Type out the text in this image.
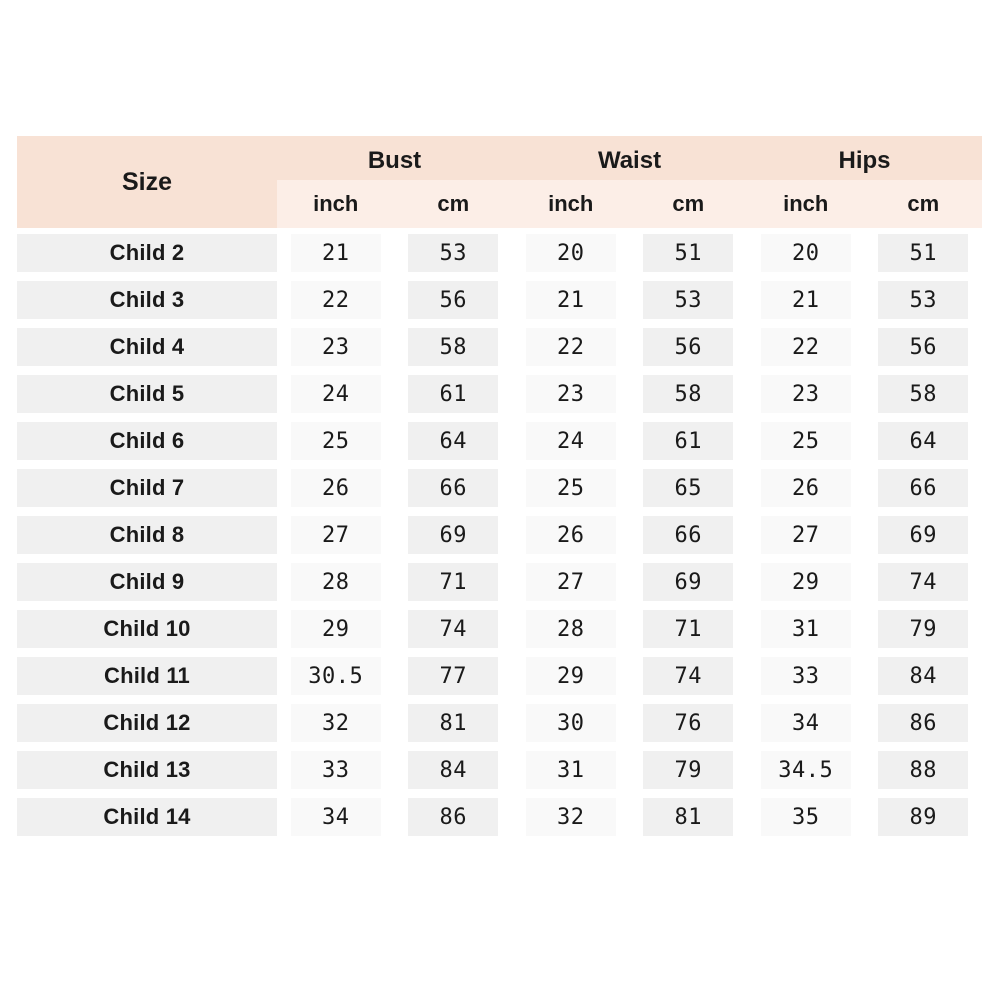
Size
Bust	Waist	Hips
inch	cm	inch	cm	inch	cm
Child 2	21	53	20	51	20	51
Child 3	22	56	21	53	21	53
Child 4	23	58	22	56	22	56
Child 5	24	61	23	58	23	58
Child 6	25	64	24	61	25	64
Child 7	26	66	25	65	26	66
Child 8	27	69	26	66	27	69
Child 9	28	71	27	69	29	74
Child 10	29	74	28	71	31	79
Child 11	30.5	77	29	74	33	84
Child 12	32	81	30	76	34	86
Child 13	33	84	31	79	34.5	88
Child 14	34	86	32	81	35	89
